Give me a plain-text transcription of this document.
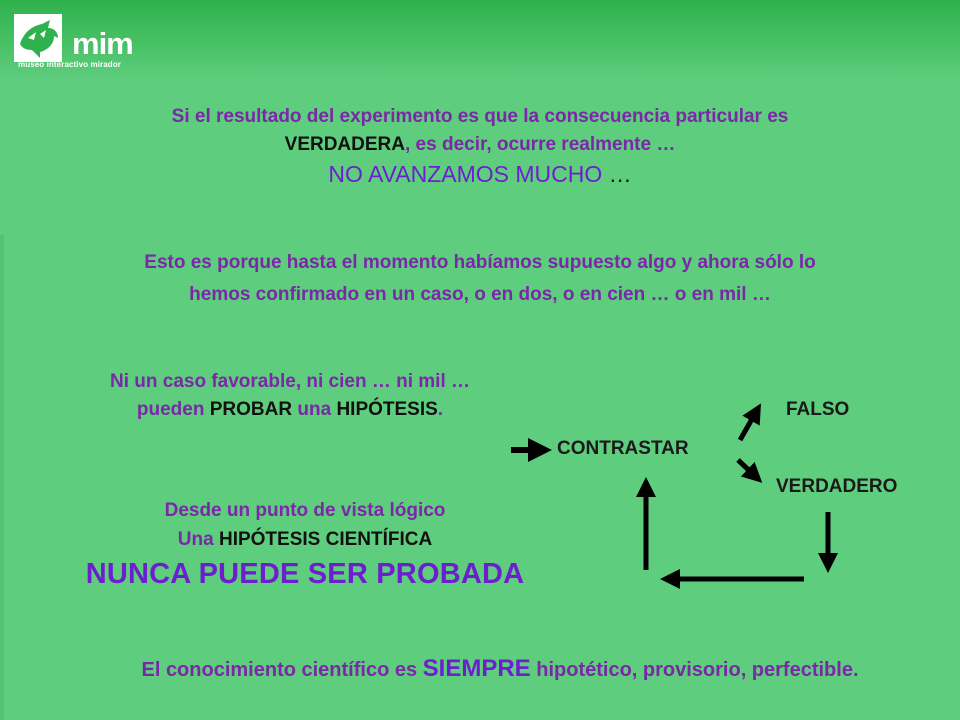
mim
museo interactivo mirador
Si el resultado del experimento es que la consecuencia particular es
VERDADERA, es decir, ocurre realmente …
NO AVANZAMOS MUCHO …
Esto es porque hasta el momento habíamos supuesto algo y ahora sólo lo
hemos confirmado en un caso, o en dos, o en cien … o en mil …
Ni un caso favorable, ni cien … ni mil …
pueden PROBAR una HIPÓTESIS.
Desde un punto de vista lógico
Una HIPÓTESIS CIENTÍFICA
NUNCA PUEDE SER PROBADA
CONTRASTAR
FALSO
VERDADERO
El conocimiento científico es SIEMPRE hipotético, provisorio, perfectible.
